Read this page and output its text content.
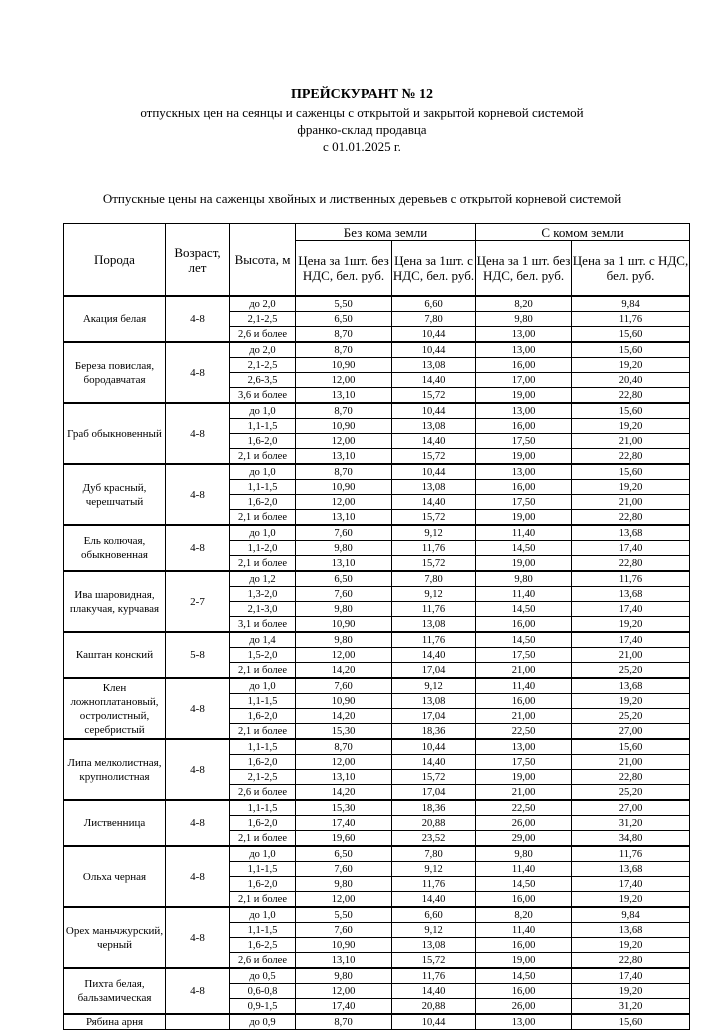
ПРЕЙСКУРАНТ № 12
отпускных цен на сеянцы и саженцы с открытой и закрытой корневой системой
франко-склад продавца
с 01.01.2025 г.
Отпускные цены на саженцы хвойных и лиственных деревьев с открытой корневой системой
Порода	Возраст, лет	Высота, м	Без кома земли		С комом земли	
			Цена за 1шт. без НДС, бел. руб.	Цена за 1шт. с НДС, бел. руб.	Цена за 1 шт. без НДС, бел. руб.	Цена за 1 шт. с НДС, бел. руб.
Акация белая	4-8	до 2,0	5,50	6,60	8,20	9,84
		2,1-2,5	6,50	7,80	9,80	11,76
		2,6 и более	8,70	10,44	13,00	15,60
Береза повислая, бородавчатая	4-8	до 2,0	8,70	10,44	13,00	15,60
		2,1-2,5	10,90	13,08	16,00	19,20
		2,6-3,5	12,00	14,40	17,00	20,40
		3,6 и более	13,10	15,72	19,00	22,80
Граб обыкновенный	4-8	до 1,0	8,70	10,44	13,00	15,60
		1,1-1,5	10,90	13,08	16,00	19,20
		1,6-2,0	12,00	14,40	17,50	21,00
		2,1 и более	13,10	15,72	19,00	22,80
Дуб красный, черешчатый	4-8	до 1,0	8,70	10,44	13,00	15,60
		1,1-1,5	10,90	13,08	16,00	19,20
		1,6-2,0	12,00	14,40	17,50	21,00
		2,1 и более	13,10	15,72	19,00	22,80
Ель колючая, обыкновенная	4-8	до 1,0	7,60	9,12	11,40	13,68
		1,1-2,0	9,80	11,76	14,50	17,40
		2,1 и более	13,10	15,72	19,00	22,80
Ива шаровидная, плакучая, курчавая	2-7	до 1,2	6,50	7,80	9,80	11,76
		1,3-2,0	7,60	9,12	11,40	13,68
		2,1-3,0	9,80	11,76	14,50	17,40
		3,1 и более	10,90	13,08	16,00	19,20
Каштан конский	5-8	до 1,4	9,80	11,76	14,50	17,40
		1,5-2,0	12,00	14,40	17,50	21,00
		2,1 и более	14,20	17,04	21,00	25,20
Клен ложноплатановый, остролистный, серебристый	4-8	до 1,0	7,60	9,12	11,40	13,68
		1,1-1,5	10,90	13,08	16,00	19,20
		1,6-2,0	14,20	17,04	21,00	25,20
		2,1 и более	15,30	18,36	22,50	27,00
Липа мелколистная, крупнолистная	4-8	1,1-1,5	8,70	10,44	13,00	15,60
		1,6-2,0	12,00	14,40	17,50	21,00
		2,1-2,5	13,10	15,72	19,00	22,80
		2,6 и более	14,20	17,04	21,00	25,20
Лиственница	4-8	1,1-1,5	15,30	18,36	22,50	27,00
		1,6-2,0	17,40	20,88	26,00	31,20
		2,1 и более	19,60	23,52	29,00	34,80
Ольха черная	4-8	до 1,0	6,50	7,80	9,80	11,76
		1,1-1,5	7,60	9,12	11,40	13,68
		1,6-2,0	9,80	11,76	14,50	17,40
		2,1 и более	12,00	14,40	16,00	19,20
Орех маньчжурский, черный	4-8	до 1,0	5,50	6,60	8,20	9,84
		1,1-1,5	7,60	9,12	11,40	13,68
		1,6-2,5	10,90	13,08	16,00	19,20
		2,6 и более	13,10	15,72	19,00	22,80
Пихта белая, бальзамическая	4-8	до 0,5	9,80	11,76	14,50	17,40
		0,6-0,8	12,00	14,40	16,00	19,20
		0,9-1,5	17,40	20,88	26,00	31,20
Рябина арня		до 0,9	8,70	10,44	13,00	15,60
